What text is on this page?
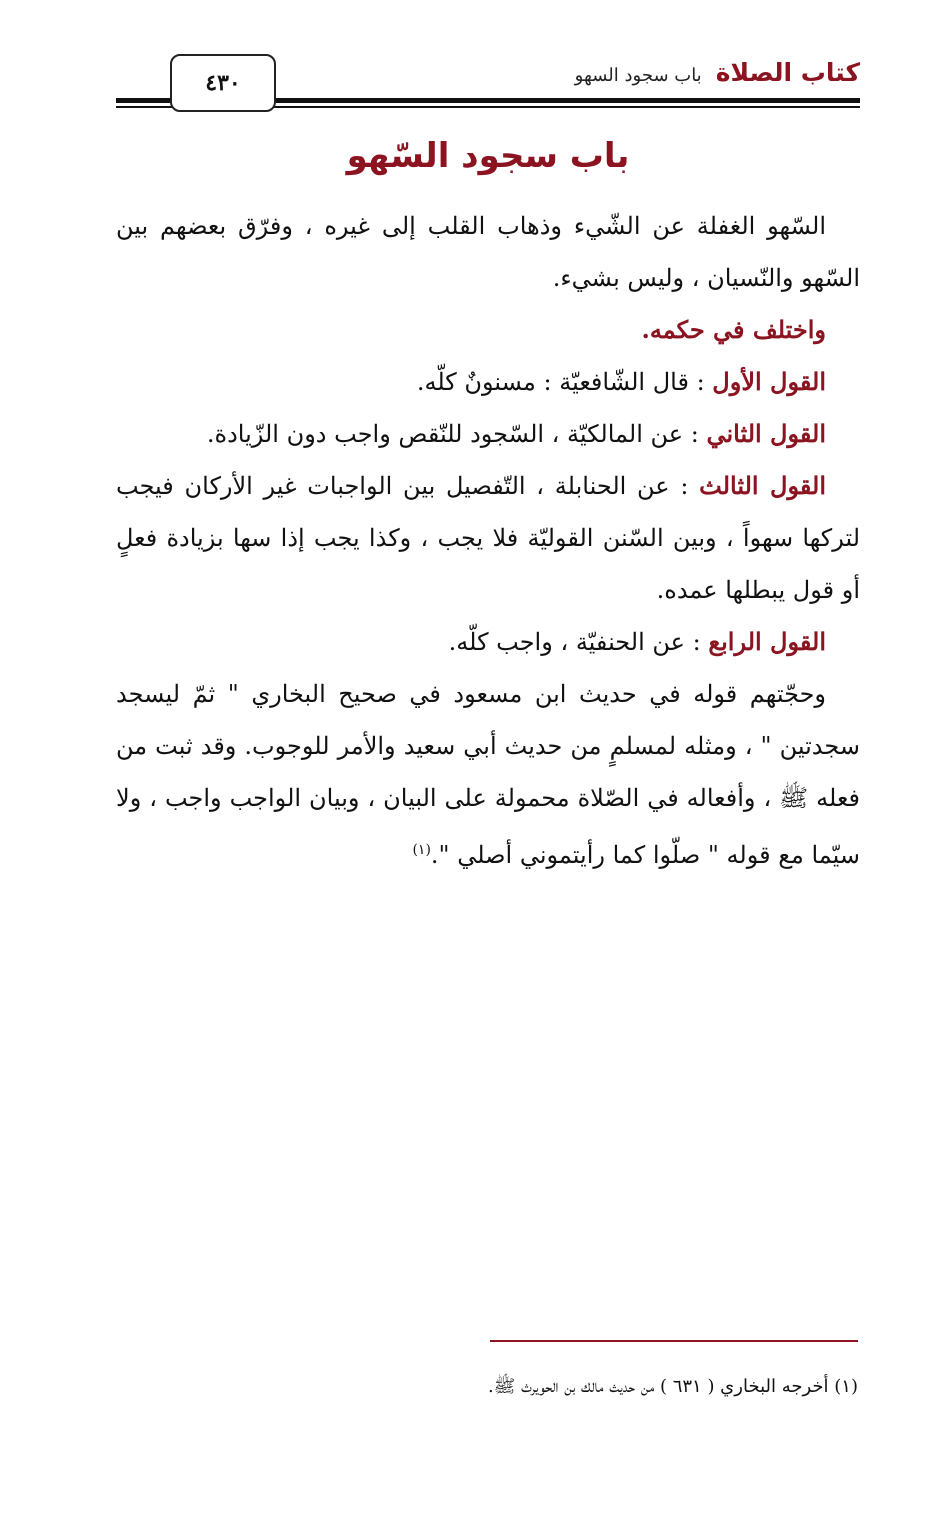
٤٣٠	كتاب الصلاة
باب سجود السهو
باب سجود السّهو

السّهو الغفلة عن الشّيء وذهاب القلب إلى غيره ، وفرّق بعضهم بين السّهو والنّسيان ، وليس بشيء.

واختلف في حكمه.

القول الأول : قال الشّافعيّة : مسنونٌ كلّه.

القول الثاني : عن المالكيّة ، السّجود للنّقص واجب دون الزّيادة.

القول الثالث : عن الحنابلة ، التّفصيل بين الواجبات غير الأركان فيجب لتركها سهواً ، وبين السّنن القوليّة فلا يجب ، وكذا يجب إذا سها بزيادة فعلٍ أو قول يبطلها عمده.

القول الرابع : عن الحنفيّة ، واجب كلّه.

وحجّتهم قوله في حديث ابن مسعود في صحيح البخاري " ثمّ ليسجد سجدتين " ، ومثله لمسلمٍ من حديث أبي سعيد والأمر للوجوب. وقد ثبت من فعله ﷺ ، وأفعاله في الصّلاة محمولة على البيان ، وبيان الواجب واجب ، ولا سيّما مع قوله " صلّوا كما رأيتموني أصلي ".$^{(١)}$

(١) أخرجه البخاري ( ٦٣١ ) من حديث مالك بن الحويرث ﷺ.
